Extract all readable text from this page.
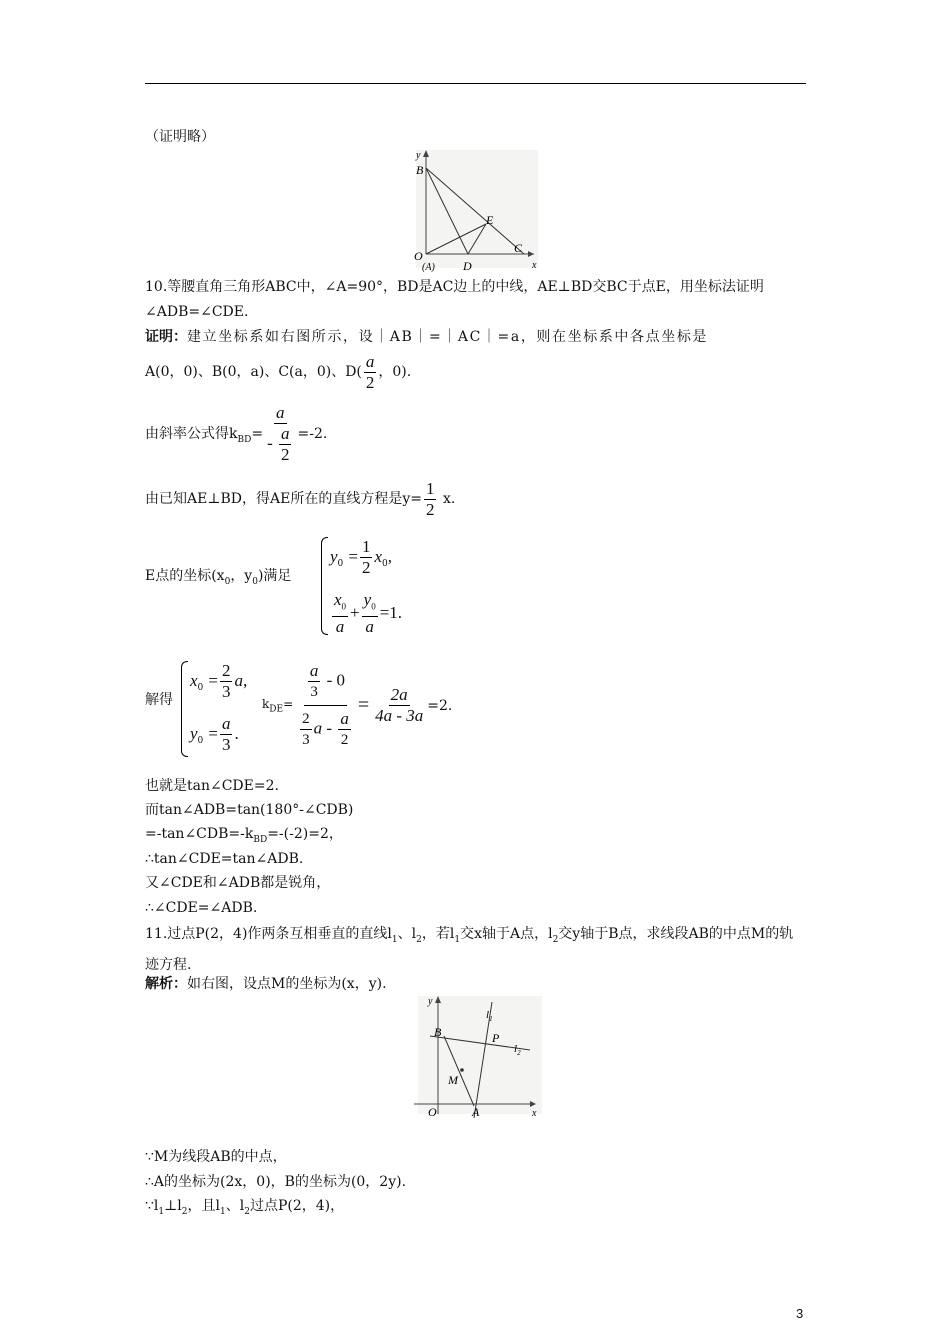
（证明略）
y
x
B
E
O
(A) D
C
10.等腰直角三角形ABC中，∠A=90°，BD是AC边上的中线，AE⊥BD交BC于点E，用坐标法证明∠ADB=∠CDE.
证明：建立坐标系如右图所示，设｜AB｜=｜AC｜=a，则在坐标系中各点坐标是
A(0，0)、B(0，a)、C(a，0)、$D( \frac{a}{2}$ ，0).
由斜率公式得$k_{BD}= \frac{a}{- \frac{a}{2}} =-2$.
由已知AE⊥BD，得AE所在的直线方程是$y= \frac{1}{2} x$.
E点的坐标($x_0$，$y_0$)满足
$y_0 = \frac{1}{2} x_0$,
$\frac{x_0}{a} + \frac{y_0}{a} =1$.
解得
$x_0 = \frac{2}{3} a$,
$y_0 = \frac{a}{3}$ .
$k_{DE}= \frac{\frac{a}{3} - 0}{\frac{2}{3} a - \frac{a}{2}} = \frac{2a}{4a - 3a} =2$.
也就是tan∠CDE=2.
而tan∠ADB=tan(180°-∠CDB)
$=-\tan\angle CDB=-k_{BD}=-(-2)=2$，
∴tan∠CDE=tan∠ADB.
又∠CDE和∠ADB都是锐角，
∴∠CDE=∠ADB.
11.过点P(2，4)作两条互相垂直的直线$l_1$、$l_2$，若$l_1$交x轴于A点，$l_2$交y轴于B点，求线段AB的中点M的轨迹方程.
解析：如右图，设点M的坐标为(x，y).
y
$l_1$
B	P
$l_2$
M
O	A	x
∵M为线段AB的中点，
∴A的坐标为(2x，0)，B的坐标为(0，2y).
$\because l_1\perp l_2$，且$l_1$、$l_2$过点P(2，4)，
3
